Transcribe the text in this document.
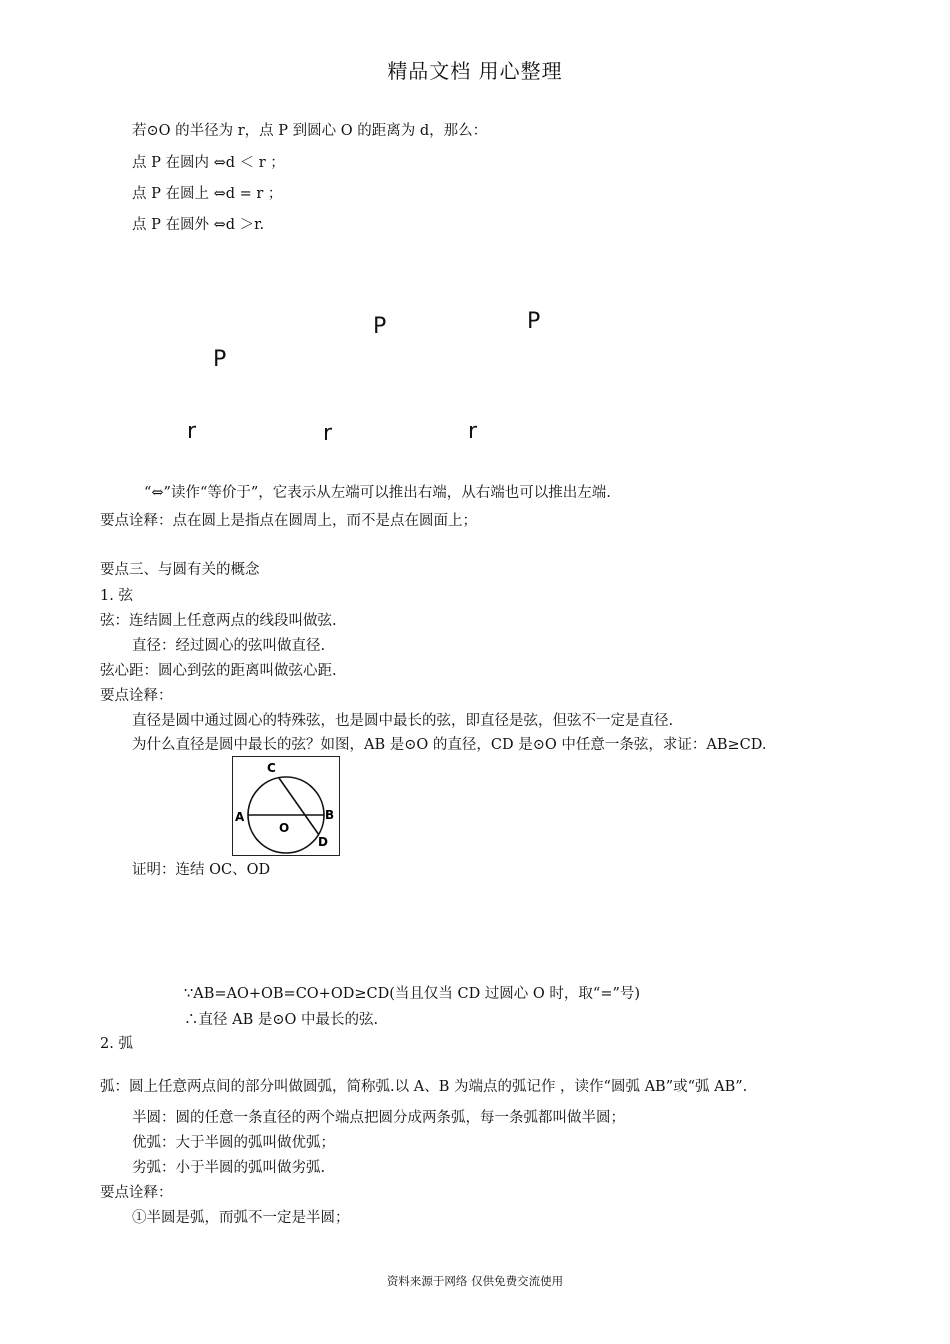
精品文档 用心整理
若⊙O 的半径为 r，点 P 到圆心 O 的距离为 d，那么：
点 P 在圆内 ⇔d ＜ r ；
点 P 在圆上 ⇔d = r ；
点 P 在圆外 ⇔d ＞r.
P	P
P
r	r	r
“⇔”读作“等价于”，它表示从左端可以推出右端，从右端也可以推出左端.
要点诠释：点在圆上是指点在圆周上，而不是点在圆面上；
要点三、与圆有关的概念
1. 弦
弦：连结圆上任意两点的线段叫做弦.
直径：经过圆心的弦叫做直径.
弦心距：圆心到弦的距离叫做弦心距.
要点诠释：
直径是圆中通过圆心的特殊弦，也是圆中最长的弦，即直径是弦，但弦不一定是直径.
为什么直径是圆中最长的弦？如图，AB 是⊙O 的直径，CD 是⊙O 中任意一条弦，求证：AB≥CD.
C
A	B
O
D
证明：连结 OC、OD
∵AB=AO+OB=CO+OD≥CD(当且仅当 CD 过圆心 O 时，取“=”号)
∴直径 AB 是⊙O 中最长的弦.
2. 弧
弧：圆上任意两点间的部分叫做圆弧，简称弧.以 A、B 为端点的弧记作 ，读作“圆弧 AB”或“弧 AB”.
半圆：圆的任意一条直径的两个端点把圆分成两条弧，每一条弧都叫做半圆；
优弧：大于半圆的弧叫做优弧；
劣弧：小于半圆的弧叫做劣弧.
要点诠释：
①半圆是弧，而弧不一定是半圆；
资料来源于网络 仅供免费交流使用
